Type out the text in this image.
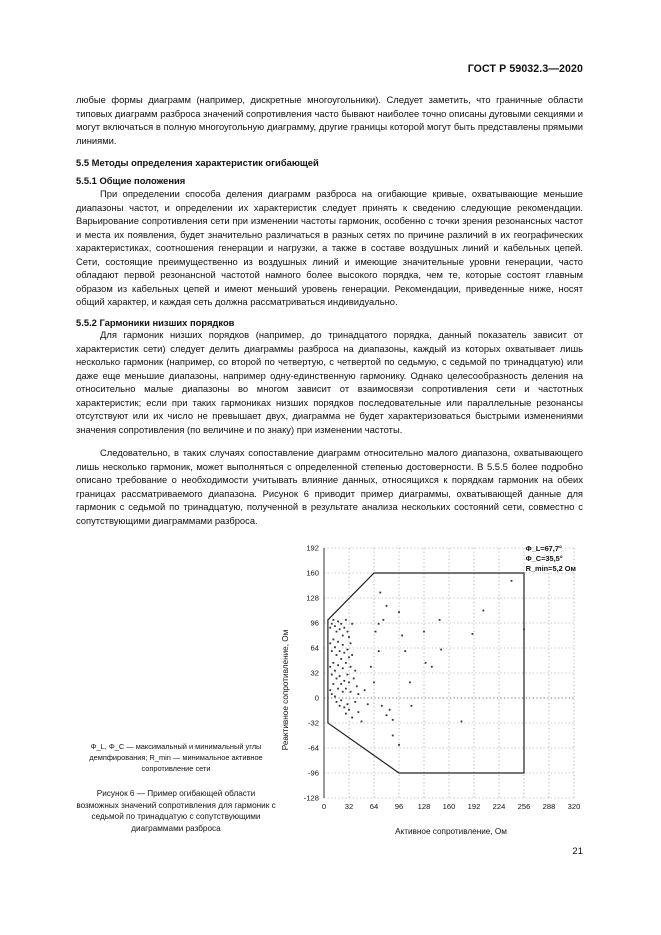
ГОСТ Р 59032.3—2020

любые формы диаграмм (например, дискретные многоугольники). Следует заметить, что граничные области типовых диаграмм разброса значений сопротивления часто бывают наиболее точно описаны дуговыми секциями и могут включаться в полную многоугольную диаграмму, другие границы которой могут быть представлены прямыми линиями.

5.5 Методы определения характеристик огибающей
5.5.1 Общие положения

При определении способа деления диаграмм разброса на огибающие кривые, охватывающие меньшие диапазоны частот, и определении их характеристик следует принять к сведению следующие рекомендации. Варьирование сопротивления сети при изменении частоты гармоник, особенно с точки зрения резонансных частот и места их появления, будет значительно различаться в разных сетях по причине различий в их географических характеристиках, соотношения генерации и нагрузки, а также в составе воздушных линий и кабельных цепей. Сети, состоящие преимущественно из воздушных линий и имеющие значительные уровни генерации, часто обладают первой резонансной частотой намного более высокого порядка, чем те, которые состоят главным образом из кабельных цепей и имеют меньший уровень генерации. Рекомендации, приведенные ниже, носят общий характер, и каждая сеть должна рассматриваться индивидуально.

5.5.2 Гармоники низших порядков

Для гармоник низших порядков (например, до тринадцатого порядка, данный показатель зависит от характеристик сети) следует делить диаграммы разброса на диапазоны, каждый из которых охватывает лишь несколько гармоник (например, со второй по четвертую, с четвертой по седьмую, с седьмой по тринадцатую) или даже еще меньшие диапазоны, например одну-единственную гармонику. Однако целесообразность деления на относительно малые диапазоны во многом зависит от взаимосвязи сопротивления сети и частотных характеристик; если при таких гармониках низших порядков последовательные или параллельные резонансы отсутствуют или их число не превышает двух, диаграмма не будет характеризоваться быстрыми изменениями значения сопротивления (по величине и по знаку) при изменении частоты.

Следовательно, в таких случаях сопоставление диаграмм относительно малого диапазона, охватывающего лишь несколько гармоник, может выполняться с определенной степенью достоверности. В 5.5.5 более подробно описано требование о необходимости учитывать влияние данных, относящихся к порядкам гармоник на обеих границах рассматриваемого диапазона. Рисунок 6 приводит пример диаграммы, охватывающей данные для гармоник с седьмой по тринадцатую, полученной в результате анализа нескольких состояний сети, совместно с сопутствующими диаграммами разброса.

Φ_L, Φ_C — максимальный и минимальный углы демпфирования; R_min — минимальное активное сопротивление сети
Рисунок 6 — Пример огибающей области возможных значений сопротивления для гармоник с седьмой по тринадцатую с сопутствующими диаграммами разброса
0 32 64 96 128 160 192 224 256 288 320
192
160
128
96
64
32
0
-32
-64
-96
-128
Φ_L=67,7°
Φ_C=35,5°
R_min=5,2 Ом
Активное сопротивление, Ом
Реактивное сопротивление, Ом
21
